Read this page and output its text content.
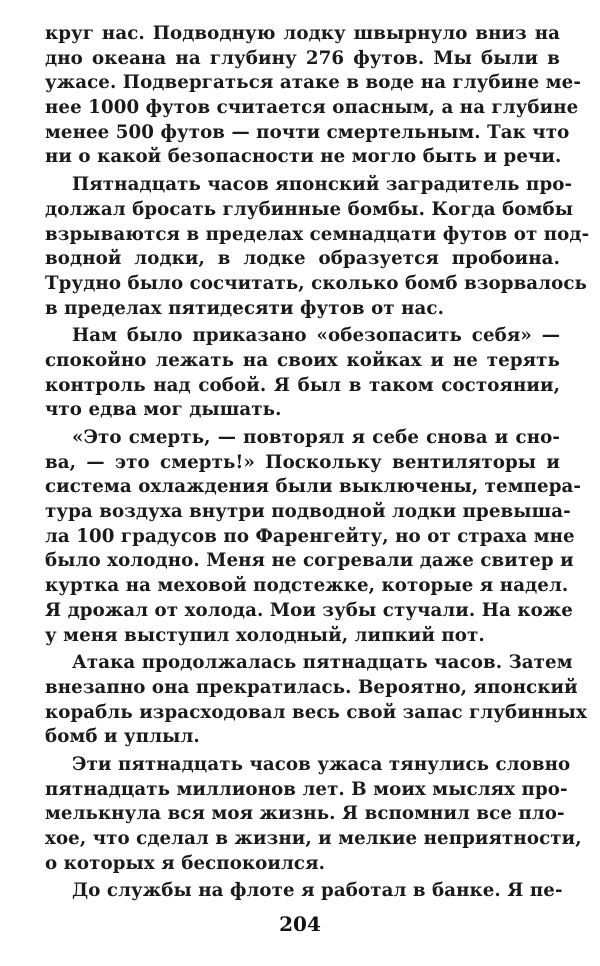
круг нас. Подводную лодку швырнуло вниз на
дно океана на глубину 276 футов. Мы были в
ужасе. Подвергаться атаке в воде на глубине ме-
нее 1000 футов считается опасным, а на глубине
менее 500 футов — почти смертельным. Так что
ни о какой безопасности не могло быть и речи.
Пятнадцать часов японский заградитель про-
должал бросать глубинные бомбы. Когда бомбы
взрываются в пределах семнадцати футов от под-
водной лодки, в лодке образуется пробоина.
Трудно было сосчитать, сколько бомб взорвалось
в пределах пятидесяти футов от нас.
Нам было приказано «обезопасить себя» —
спокойно лежать на своих койках и не терять
контроль над собой. Я был в таком состоянии,
что едва мог дышать.
«Это смерть, — повторял я себе снова и сно-
ва, — это смерть!» Поскольку вентиляторы и
система охлаждения были выключены, темпера-
тура воздуха внутри подводной лодки превыша-
ла 100 градусов по Фаренгейту, но от страха мне
было холодно. Меня не согревали даже свитер и
куртка на меховой подстежке, которые я надел.
Я дрожал от холода. Мои зубы стучали. На коже
у меня выступил холодный, липкий пот.
Атака продолжалась пятнадцать часов. Затем
внезапно она прекратилась. Вероятно, японский
корабль израсходовал весь свой запас глубинных
бомб и уплыл.
Эти пятнадцать часов ужаса тянулись словно
пятнадцать миллионов лет. В моих мыслях про-
мелькнула вся моя жизнь. Я вспомнил все пло-
хое, что сделал в жизни, и мелкие неприятности,
о которых я беспокоился.
До службы на флоте я работал в банке. Я пе-
204
